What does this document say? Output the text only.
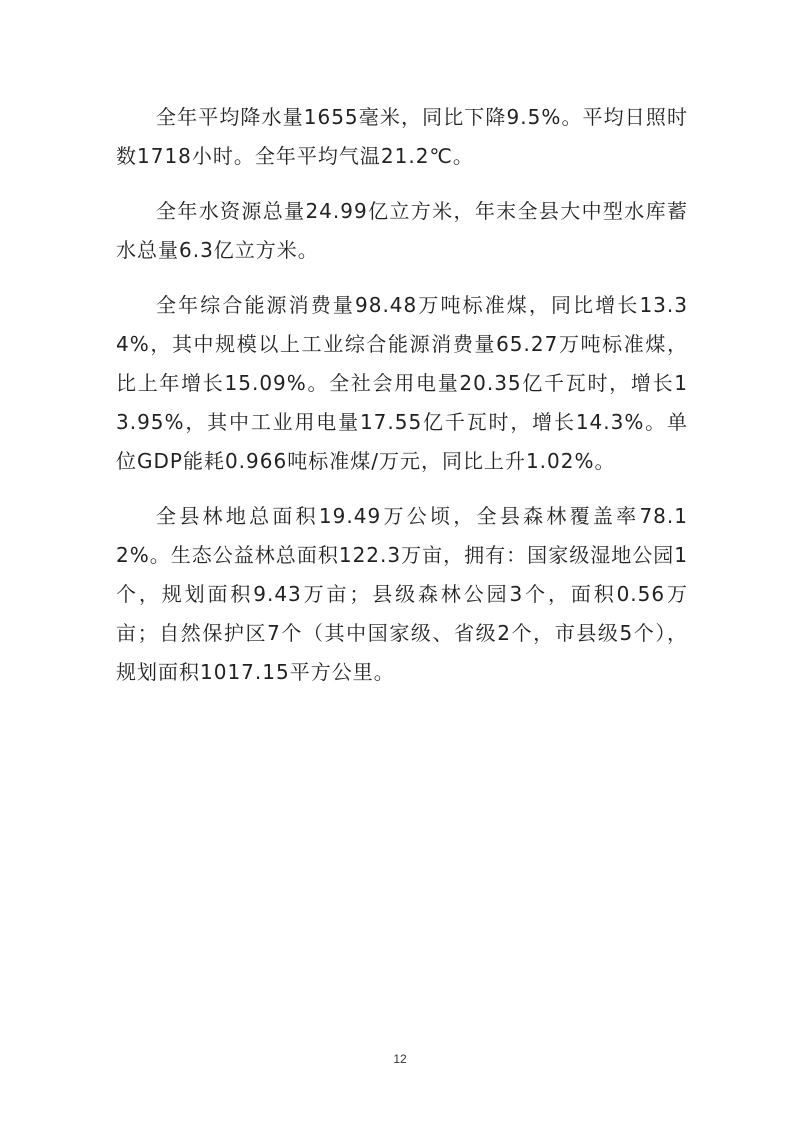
全年平均降水量1655毫米，同比下降9.5%。平均日照时数1718小时。全年平均气温21.2℃。

全年水资源总量24.99亿立方米，年末全县大中型水库蓄水总量6.3亿立方米。

全年综合能源消费量98.48万吨标准煤，同比增长13.34%，其中规模以上工业综合能源消费量65.27万吨标准煤，比上年增长15.09%。全社会用电量20.35亿千瓦时，增长13.95%，其中工业用电量17.55亿千瓦时，增长14.3%。单位GDP能耗0.966吨标准煤/万元，同比上升1.02%。

全县林地总面积19.49万公顷，全县森林覆盖率78.12%。生态公益林总面积122.3万亩，拥有：国家级湿地公园1个，规划面积9.43万亩；县级森林公园3个，面积0.56万亩；自然保护区7个（其中国家级、省级2个，市县级5个），规划面积1017.15平方公里。

12
